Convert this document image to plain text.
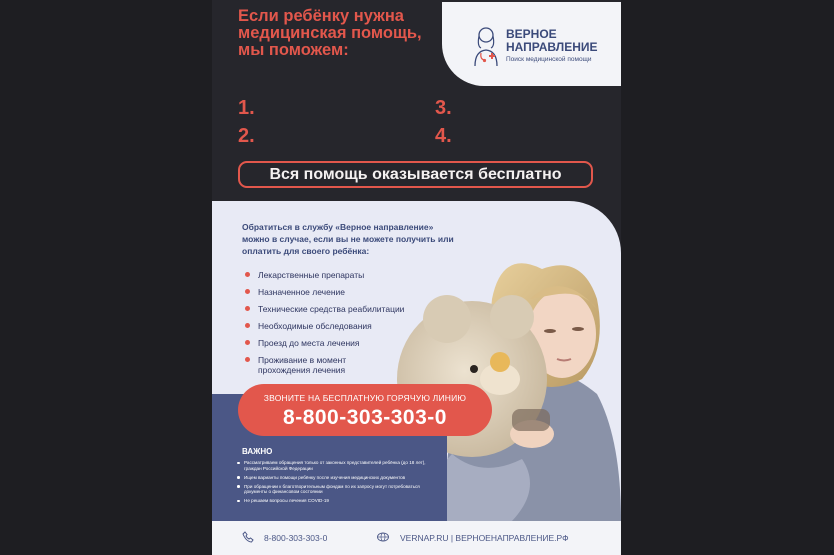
Если ребёнку нужна медицинская помощь, мы поможем:

ВЕРНОЕ
НАПРАВЛЕНИЕ

Поиск медицинской помощи
1.
2.
3.
4.
Вся помощь оказывается бесплатно

Обратиться в службу «Верное направление» можно в случае, если вы не можете получить или оплатить для своего ребёнка:

Лекарственные препараты
Назначенное лечение
Технические средства реабилитации
Необходимые обследования
Проезд до места лечения
Проживание в момент прохождения лечения
ЗВОНИТЕ НА БЕСПЛАТНУЮ ГОРЯЧУЮ ЛИНИЮ
8-800-303-303-0
ВАЖНО
Рассматриваем обращения только от законных представителей ребёнка (до 18 лет), граждан Российской Федерации
Ищем варианты помощи ребёнку после изучения медицинских документов
При обращении к благотворительным фондам по их запросу могут потребоваться документы о финансовом состоянии
Не решаем вопросы лечения COVID-19
8-800-303-303-0	VERNAP.RU | ВЕРНОЕНАПРАВЛЕНИЕ.РФ
